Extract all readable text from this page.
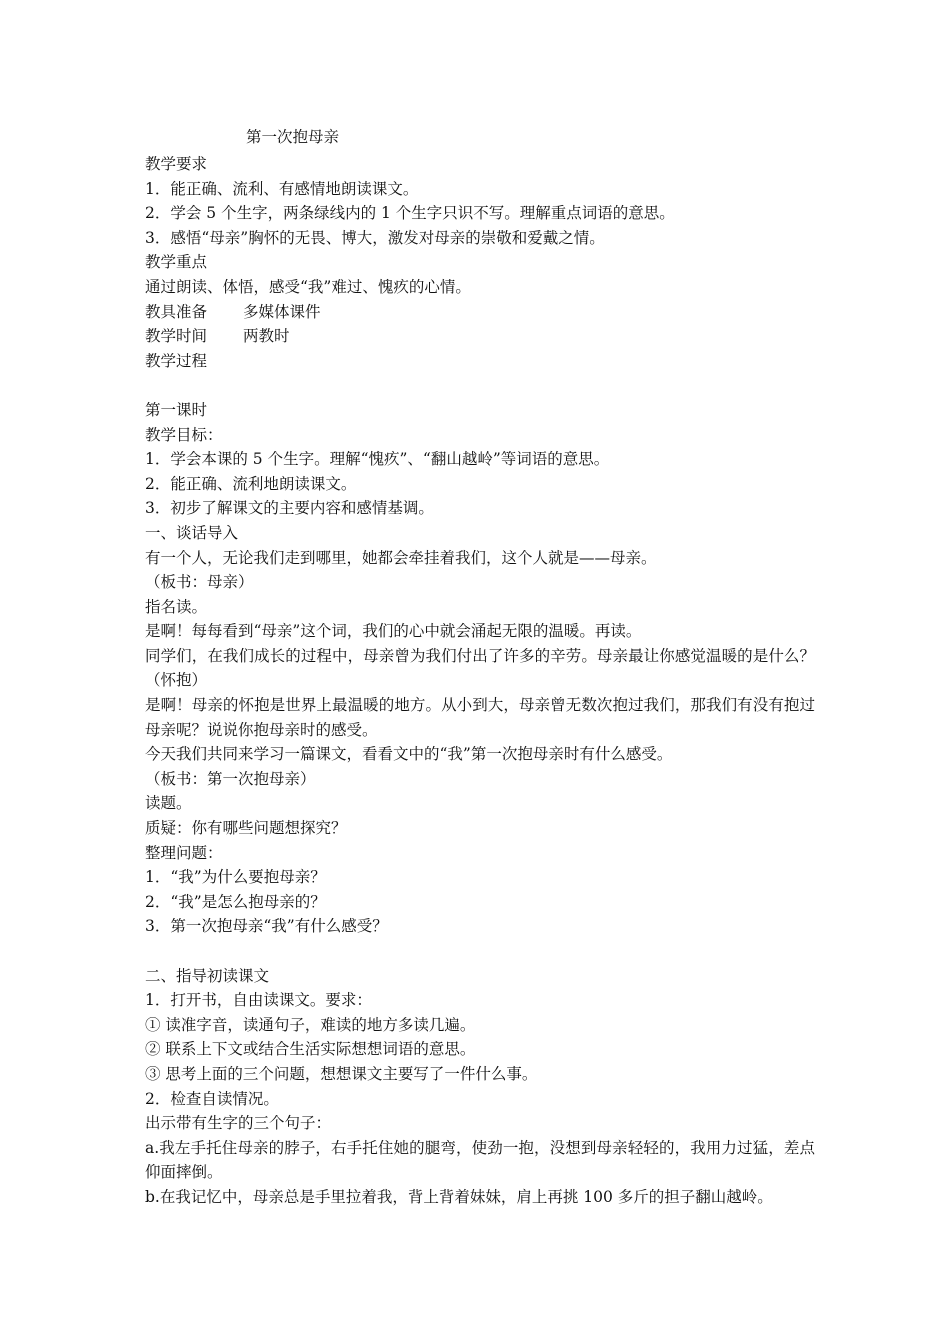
第一次抱母亲
教学要求
1．能正确、流利、有感情地朗读课文。
2．学会 5 个生字，两条绿线内的 1 个生字只识不写。理解重点词语的意思。
3．感悟“母亲”胸怀的无畏、博大，激发对母亲的崇敬和爱戴之情。
教学重点
通过朗读、体悟，感受“我”难过、愧疚的心情。
教具准备 多媒体课件
教学时间 两教时
教学过程
第一课时
教学目标：
1．学会本课的 5 个生字。理解“愧疚”、“翻山越岭”等词语的意思。
2．能正确、流利地朗读课文。
3．初步了解课文的主要内容和感情基调。
一、谈话导入
有一个人，无论我们走到哪里，她都会牵挂着我们，这个人就是——母亲。
（板书：母亲）
指名读。
是啊！每每看到“母亲”这个词，我们的心中就会涌起无限的温暖。再读。
同学们，在我们成长的过程中，母亲曾为我们付出了许多的辛劳。母亲最让你感觉温暖的是什么？（怀抱）
是啊！母亲的怀抱是世界上最温暖的地方。从小到大，母亲曾无数次抱过我们，那我们有没有抱过母亲呢？说说你抱母亲时的感受。
今天我们共同来学习一篇课文，看看文中的“我”第一次抱母亲时有什么感受。
（板书：第一次抱母亲）
读题。
质疑：你有哪些问题想探究？
整理问题：
1．“我”为什么要抱母亲？
2．“我”是怎么抱母亲的？
3．第一次抱母亲“我”有什么感受？
二、指导初读课文
1．打开书，自由读课文。要求：
① 读准字音，读通句子，难读的地方多读几遍。
② 联系上下文或结合生活实际想想词语的意思。
③ 思考上面的三个问题，想想课文主要写了一件什么事。
2．检查自读情况。
出示带有生字的三个句子：
a.我左手托住母亲的脖子，右手托住她的腿弯，使劲一抱，没想到母亲轻轻的，我用力过猛，差点仰面摔倒。
b.在我记忆中，母亲总是手里拉着我，背上背着妹妹，肩上再挑 100 多斤的担子翻山越岭。
